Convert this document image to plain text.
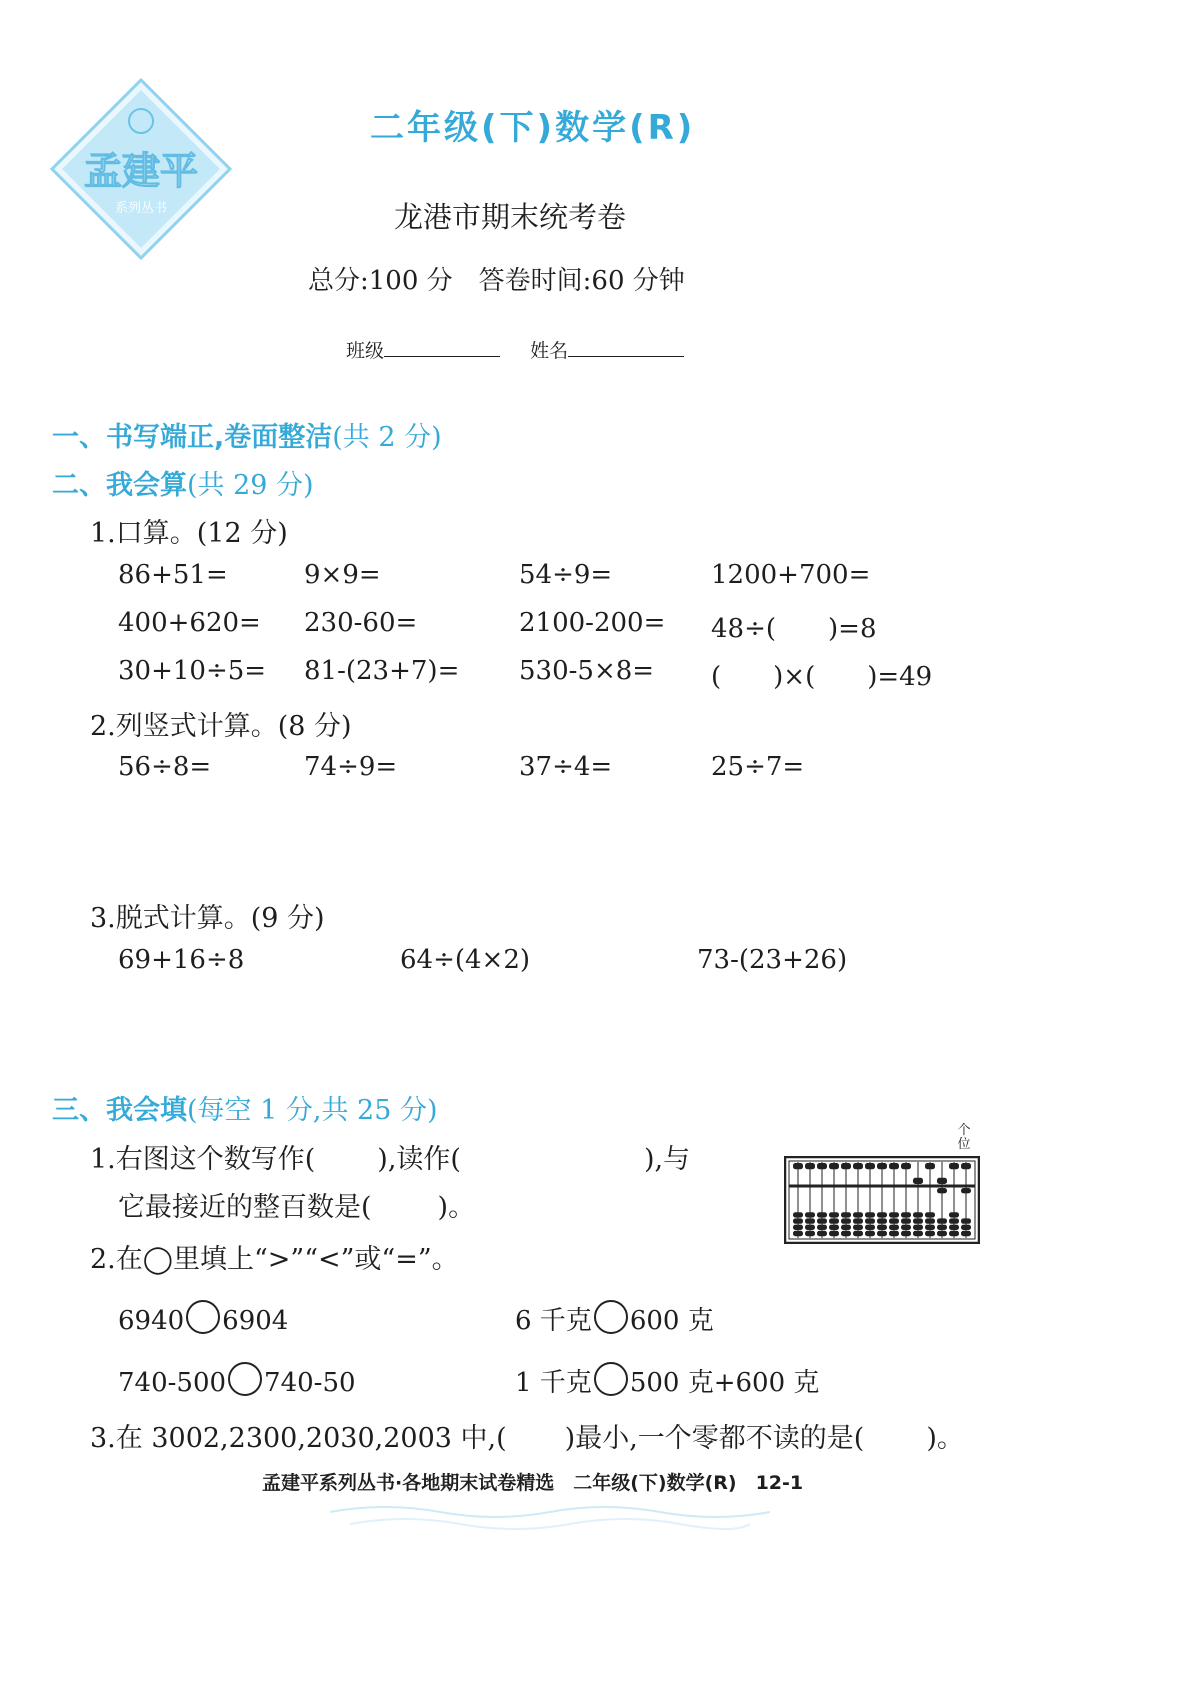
孟建平
系列丛书
二年级(下)数学(R)
龙港市期末统考卷
总分:100 分　答卷时间:60 分钟
班级	姓名
一、书写端正,卷面整洁(共 2 分)
二、我会算(共 29 分)
1.口算。(12 分)
86+51=	9×9=	54÷9=	1200+700=
400+620= 230-60=	2100-200= 48÷(　　)=8
30+10÷5= 81-(23+7)= 530-5×8= (　　)×(　　)=49
2.列竖式计算。(8 分)
56÷8=	74÷9=	37÷4=	25÷7=
3.脱式计算。(9 分)
69+16÷8	64÷(4×2)	73-(23+26)
三、我会填(每空 1 分,共 25 分)
1.右图这个数写作( ),读作(	),与
它最接近的整百数是( )。
个位
2.在◯里填上“>”“<”或“=”。
6940 6904	6 千克 600 克
740-500 740-50	1 千克 500 克+600 克
3.在 3002,2300,2030,2003 中,( )最小,一个零都不读的是( )。
孟建平系列丛书·各地期末试卷精选　二年级(下)数学(R)　12-1
